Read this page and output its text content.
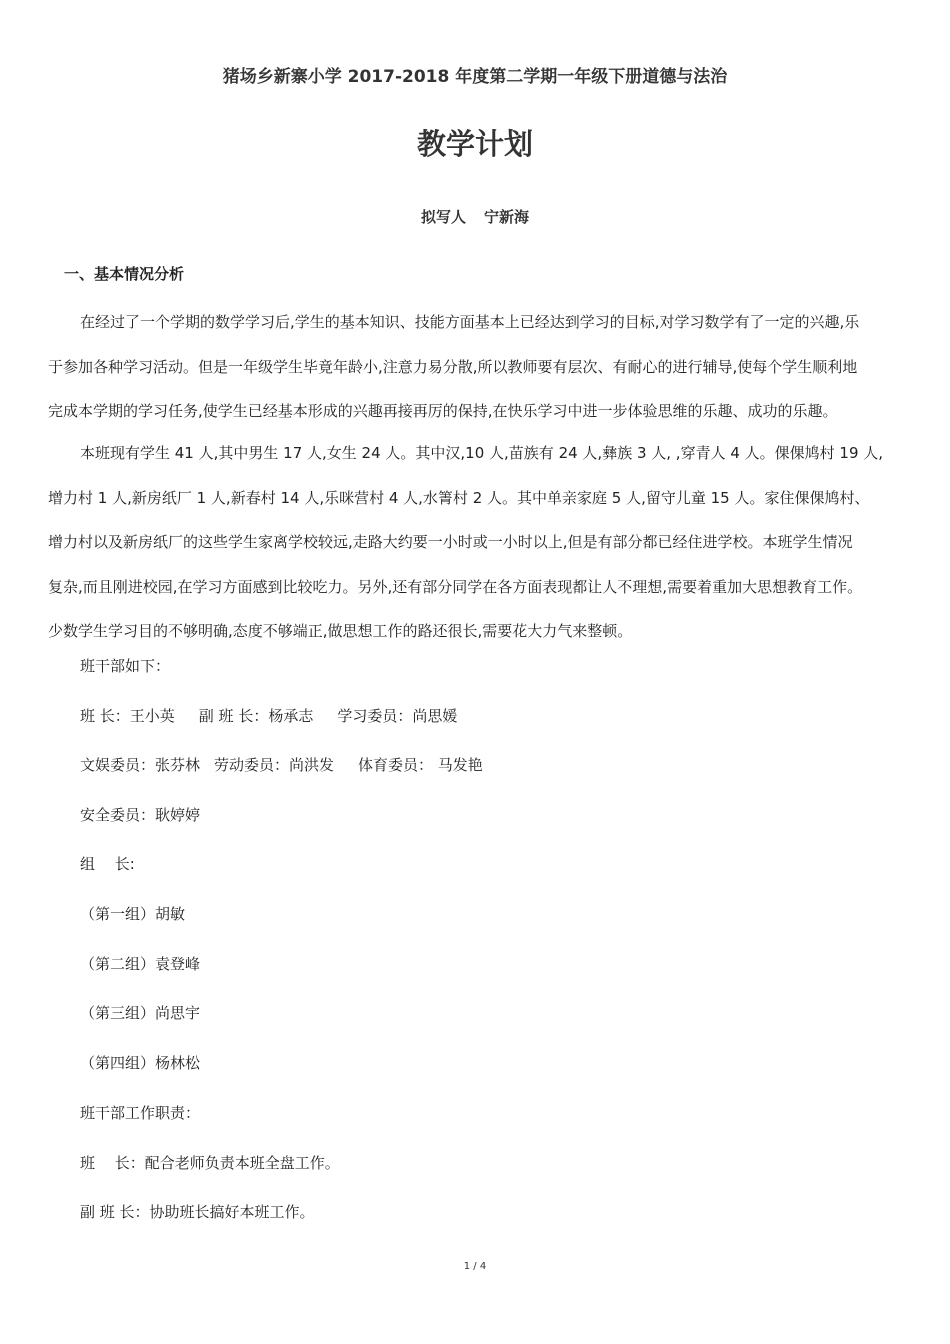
猪场乡新寨小学 2017-2018 年度第二学期一年级下册道德与法治
教学计划
拟写人 宁新海
一、基本情况分析
在经过了一个学期的数学学习后,学生的基本知识、技能方面基本上已经达到学习的目标,对学习数学有了一定的兴趣,乐
于参加各种学习活动。但是一年级学生毕竟年龄小,注意力易分散,所以教师要有层次、有耐心的进行辅导,使每个学生顺利地
完成本学期的学习任务,使学生已经基本形成的兴趣再接再厉的保持,在快乐学习中进一步体验思维的乐趣、成功的乐趣。
本班现有学生 41 人,其中男生 17 人,女生 24 人。其中汉,10 人,苗族有 24 人,彝族 3 人, ,穿青人 4 人。倮倮鸠村 19 人,
增力村 1 人,新房纸厂 1 人,新春村 14 人,乐咪营村 4 人,水箐村 2 人。其中单亲家庭 5 人,留守儿童 15 人。家住倮倮鸠村、
增力村以及新房纸厂的这些学生家离学校较远,走路大约要一小时或一小时以上,但是有部分都已经住进学校。本班学生情况
复杂,而且刚进校园,在学习方面感到比较吃力。另外,还有部分同学在各方面表现都让人不理想,需要着重加大思想教育工作。
少数学生学习目的不够明确,态度不够端正,做思想工作的路还很长,需要花大力气来整顿。
班干部如下：
班 长：王小英 副 班 长：杨承志 学习委员：尚思媛
文娱委员：张芬林 劳动委员：尚洪发 体育委员： 马发艳
安全委员：耿婷婷
组　 长:
（第一组）胡敏
（第二组）袁登峰
（第三组）尚思宇
（第四组）杨林松
班干部工作职责：
班　 长：配合老师负责本班全盘工作。
副 班 长：协助班长搞好本班工作。
1 / 4
